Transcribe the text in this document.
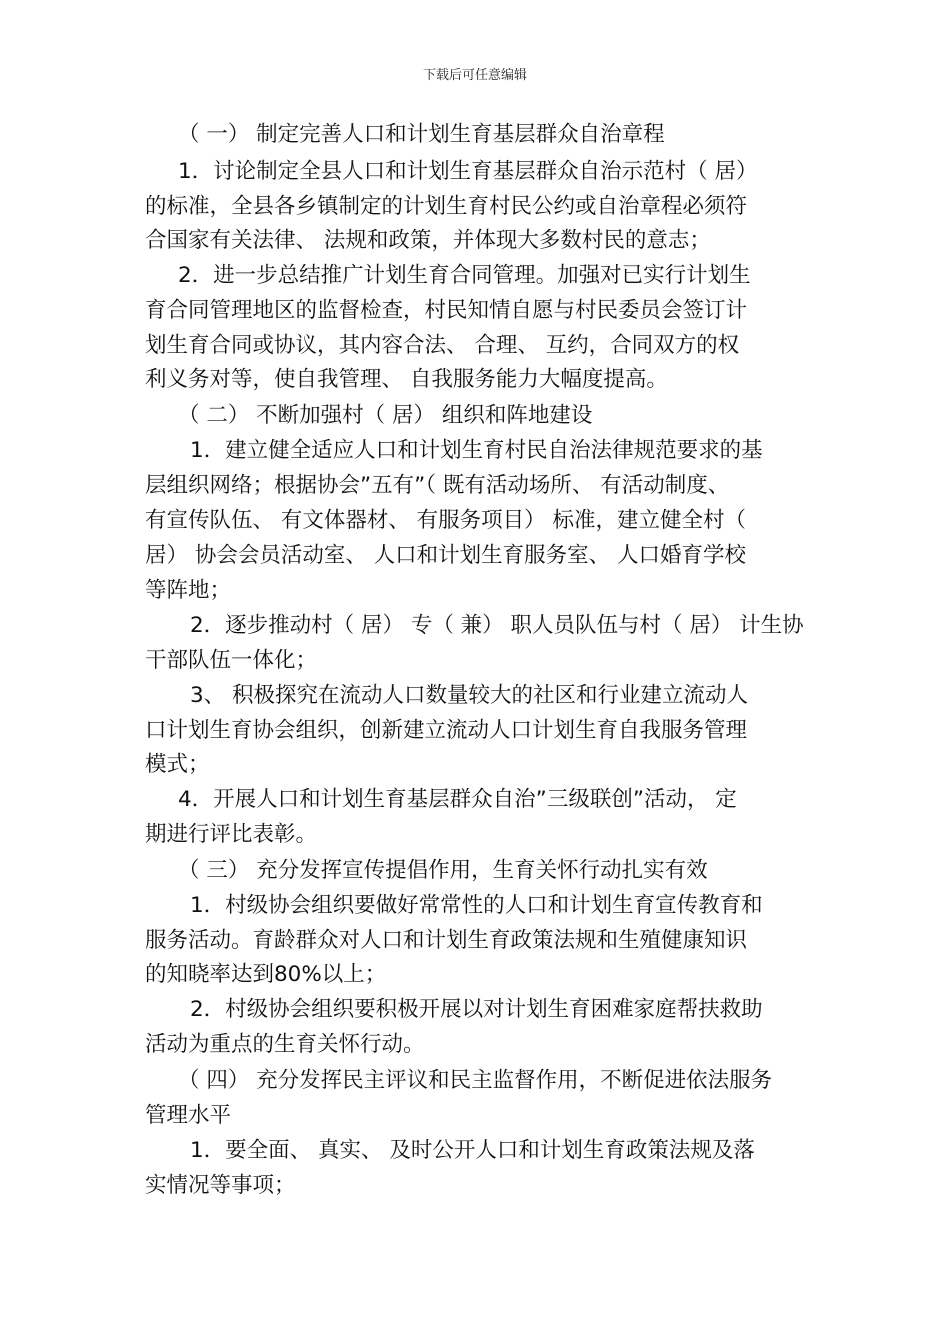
下载后可任意编辑
（ 一） 制定完善人口和计划生育基层群众自治章程
1．讨论制定全县人口和计划生育基层群众自治示范村（ 居）
的标准，全县各乡镇制定的计划生育村民公约或自治章程必须符
合国家有关法律、 法规和政策，并体现大多数村民的意志；
2．进一步总结推广计划生育合同管理。加强对已实行计划生
育合同管理地区的监督检查，村民知情自愿与村民委员会签订计
划生育合同或协议，其内容合法、 合理、 互约，合同双方的权
利义务对等，使自我管理、 自我服务能力大幅度提高。
（ 二） 不断加强村（ 居） 组织和阵地建设
1．建立健全适应人口和计划生育村民自治法律规范要求的基
层组织网络；根据协会”五有”（ 既有活动场所、 有活动制度、
有宣传队伍、 有文体器材、 有服务项目） 标准，建立健全村（
居） 协会会员活动室、 人口和计划生育服务室、 人口婚育学校
等阵地；
2．逐步推动村（ 居） 专（ 兼） 职人员队伍与村（ 居） 计生协
干部队伍一体化；
3、 积极探究在流动人口数量较大的社区和行业建立流动人
口计划生育协会组织，创新建立流动人口计划生育自我服务管理
模式；
4．开展人口和计划生育基层群众自治”三级联创”活动， 定
期进行评比表彰。
（ 三） 充分发挥宣传提倡作用，生育关怀行动扎实有效
1．村级协会组织要做好常常性的人口和计划生育宣传教育和
服务活动。育龄群众对人口和计划生育政策法规和生殖健康知识
的知晓率达到80%以上；
2．村级协会组织要积极开展以对计划生育困难家庭帮扶救助
活动为重点的生育关怀行动。
（ 四） 充分发挥民主评议和民主监督作用，不断促进依法服务
管理水平
1．要全面、 真实、 及时公开人口和计划生育政策法规及落
实情况等事项；
